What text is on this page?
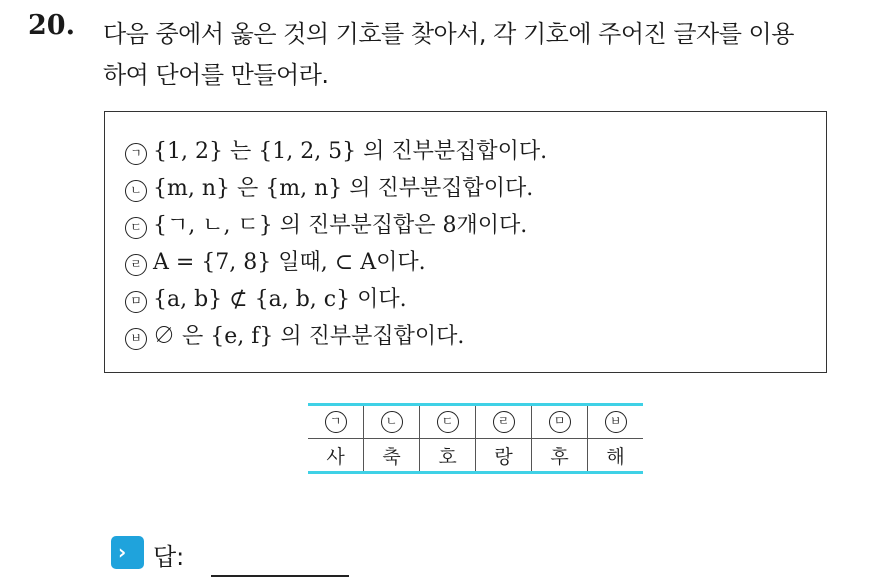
20. 다음 중에서 옳은 것의 기호를 찾아서, 각 기호에 주어진 글자를 이용
하여 단어를 만들어라.
ㄱ {1, 2} 는 {1, 2, 5} 의 진부분집합이다.
ㄴ {m, n} 은 {m, n} 의 진부분집합이다.
ㄷ {ㄱ, ㄴ, ㄷ} 의 진부분집합은 8개이다.
ㄹ A = {7, 8} 일때, ⊂ A이다.
ㅁ {a, b} ⊄ {a, b, c} 이다.
ㅂ ∅ 은 {e, f} 의 진부분집합이다.
ㄱ	ㄴ	ㄷ	ㄹ	ㅁ	ㅂ
사	축	호	랑	후	해
› 답:
